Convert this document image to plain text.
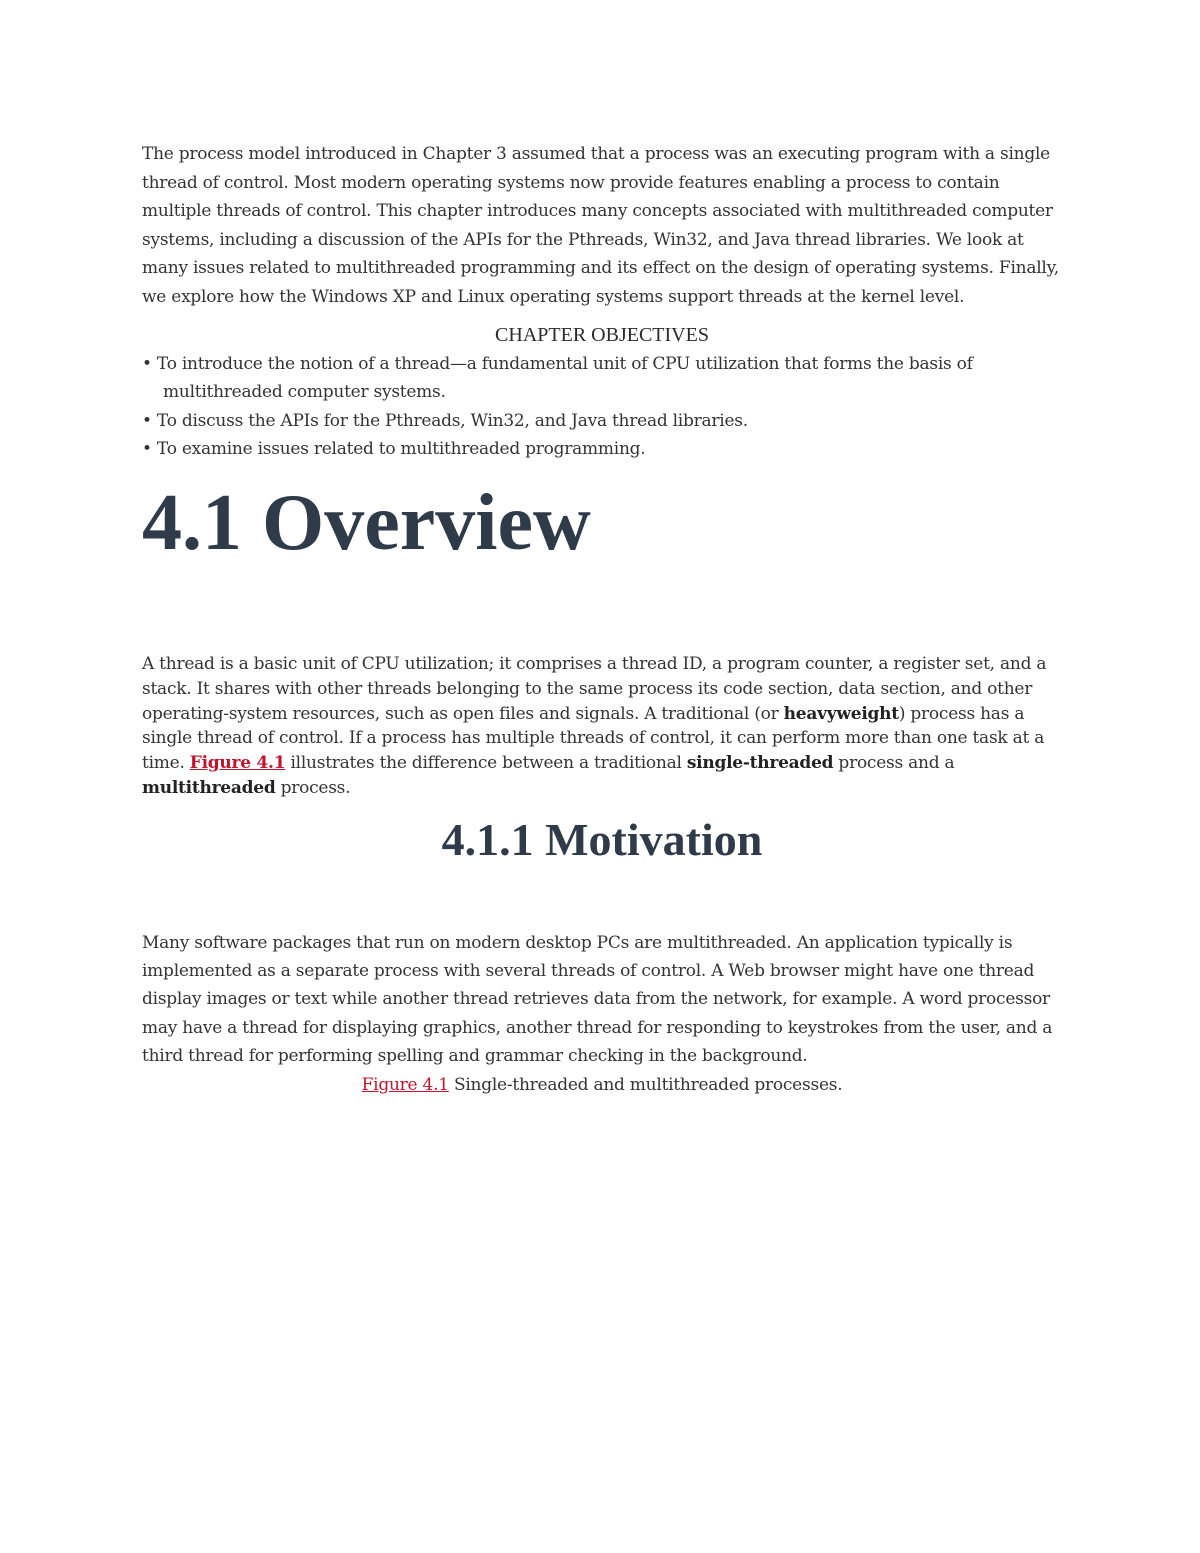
The process model introduced in Chapter 3 assumed that a process was an executing program with a single thread of control. Most modern operating systems now provide features enabling a process to contain multiple threads of control. This chapter introduces many concepts associated with multithreaded computer systems, including a discussion of the APIs for the Pthreads, Win32, and Java thread libraries. We look at many issues related to multithreaded programming and its effect on the design of operating systems. Finally, we explore how the Windows XP and Linux operating systems support threads at the kernel level.

CHAPTER OBJECTIVES
• To introduce the notion of a thread—a fundamental unit of CPU utilization that forms the basis of multithreaded computer systems.
• To discuss the APIs for the Pthreads, Win32, and Java thread libraries.
• To examine issues related to multithreaded programming.
4.1 Overview

A thread is a basic unit of CPU utilization; it comprises a thread ID, a program counter, a register set, and a stack. It shares with other threads belonging to the same process its code section, data section, and other operating-system resources, such as open files and signals. A traditional (or heavyweight) process has a single thread of control. If a process has multiple threads of control, it can perform more than one task at a time. Figure 4.1 illustrates the difference between a traditional single-threaded process and a multithreaded process.

4.1.1 Motivation

Many software packages that run on modern desktop PCs are multithreaded. An application typically is implemented as a separate process with several threads of control. A Web browser might have one thread display images or text while another thread retrieves data from the network, for example. A word processor may have a thread for displaying graphics, another thread for responding to keystrokes from the user, and a third thread for performing spelling and grammar checking in the background.

Figure 4.1 Single-threaded and multithreaded processes.
